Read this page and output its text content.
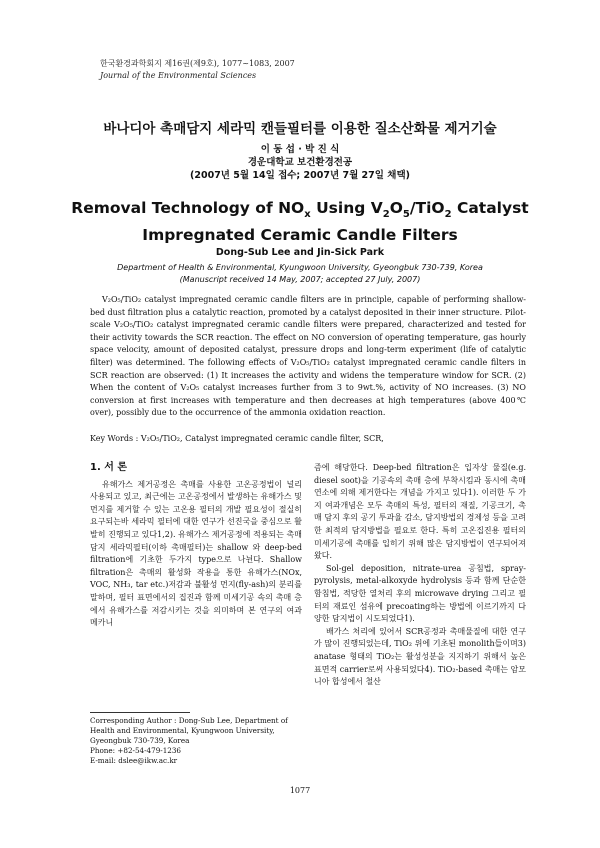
한국환경과학회지 제16권(제9호), 1077~1083, 2007
Journal of the Environmental Sciences
바나디아 촉매담지 세라믹 캔들필터를 이용한 질소산화물 제거기술
이 동 섭 · 박 진 식
경운대학교 보건환경전공
(2007년 5월 14일 접수; 2007년 7월 27일 채택)
Removal Technology of $NO_x$ Using $V_2O_5/TiO_2$ Catalyst
Impregnated Ceramic Candle Filters
Dong-Sub Lee and Jin-Sick Park
Department of Health & Environmental, Kyungwoon University, Gyeongbuk 730-739, Korea
(Manuscript received 14 May, 2007; accepted 27 July, 2007)
V₂O₅/TiO₂ catalyst impregnated ceramic candle filters are in principle, capable of performing shallow-bed dust filtration plus a catalytic reaction, promoted by a catalyst deposited in their inner structure. Pilot-scale V₂O₅/TiO₂ catalyst impregnated ceramic candle filters were prepared, characterized and tested for their activity towards the SCR reaction. The effect on NO conversion of operating temperature, gas hourly space velocity, amount of deposited catalyst, pressure drops and long-term experiment (life of catalytic filter) was determined. The following effects of V₂O₅/TiO₂ catalyst impregnated ceramic candle filters in SCR reaction are observed: (1) It increases the activity and widens the temperature window for SCR. (2) When the content of V₂O₅ catalyst increases further from 3 to 9wt.%, activity of NO increases. (3) NO conversion at first increases with temperature and then decreases at high temperatures (above 400℃ over), possibly due to the occurrence of the ammonia oxidation reaction.
Key Words : V₂O₅/TiO₂, Catalyst impregnated ceramic candle filter, SCR,
1. 서 론

유해가스 제거공정은 촉매를 사용한 고온공정법이 널리 사용되고 있고, 최근에는 고온공정에서 발생하는 유해가스 및 먼지를 제거할 수 있는 고온용 필터의 개발 필요성이 절실히 요구되는바 세라믹 필터에 대한 연구가 선진국을 중심으로 활발히 진행되고 있다1,2). 유해가스 제거공정에 적용되는 촉매 담지 세라믹필터(이하 촉매필터)는 shallow 와 deep-bed filtration에 기초한 두가지 type으로 나뉜다. Shallow filtration은 촉매의 활성화 작용을 통한 유해가스(NOx, VOC, NH₃, tar etc.)저감과 불활성 먼지(fly-ash)의 분리를 말하며, 필터 표면에서의 집진과 함께 미세기공 속의 촉매 층에서 유해가스를 저감시키는 것을 의미하며 본 연구의 여과 메카니

즘에 해당한다. Deep-bed filtration은 입자상 물질(e.g. diesel soot)을 기공속의 촉매 층에 부착시킴과 동시에 촉매 연소에 의해 제거한다는 개념을 가지고 있다1). 이러한 두 가지 여과개념은 모두 촉매의 특성, 필터의 재질, 기공크기, 촉매 담지 후의 공기 투과율 감소, 담지방법의 경제성 등을 고려한 최적의 담지방법을 필요로 한다. 특히 고온집진용 필터의 미세기공에 촉매를 입히기 위해 많은 담지방법이 연구되어져 왔다.

Sol-gel deposition, nitrate-urea 공침법, spray-pyrolysis, metal-alkoxyde hydrolysis 등과 함께 단순한 함침법, 적당한 열처리 후의 microwave drying 그리고 필터의 재료인 섬유에 precoating하는 방법에 이르기까지 다양한 담지법이 시도되었다1).

배가스 처리에 있어서 SCR공정과 촉매물질에 대한 연구가 많이 진행되었는데, TiO₂ 위에 기초된 monolith들이며3) anatase 형태의 TiO₂는 활성성분을 지지하기 위해서 높은 표면적 carrier로써 사용되었다4). TiO₂-based 촉매는 암모니아 합성에서 철산

Corresponding Author : Dong-Sub Lee, Department of Health and Environmental, Kyungwoon University, Gyeongbuk 730-739, Korea
Phone: +82-54-479-1236
E-mail: dslee@ikw.ac.kr
1077
